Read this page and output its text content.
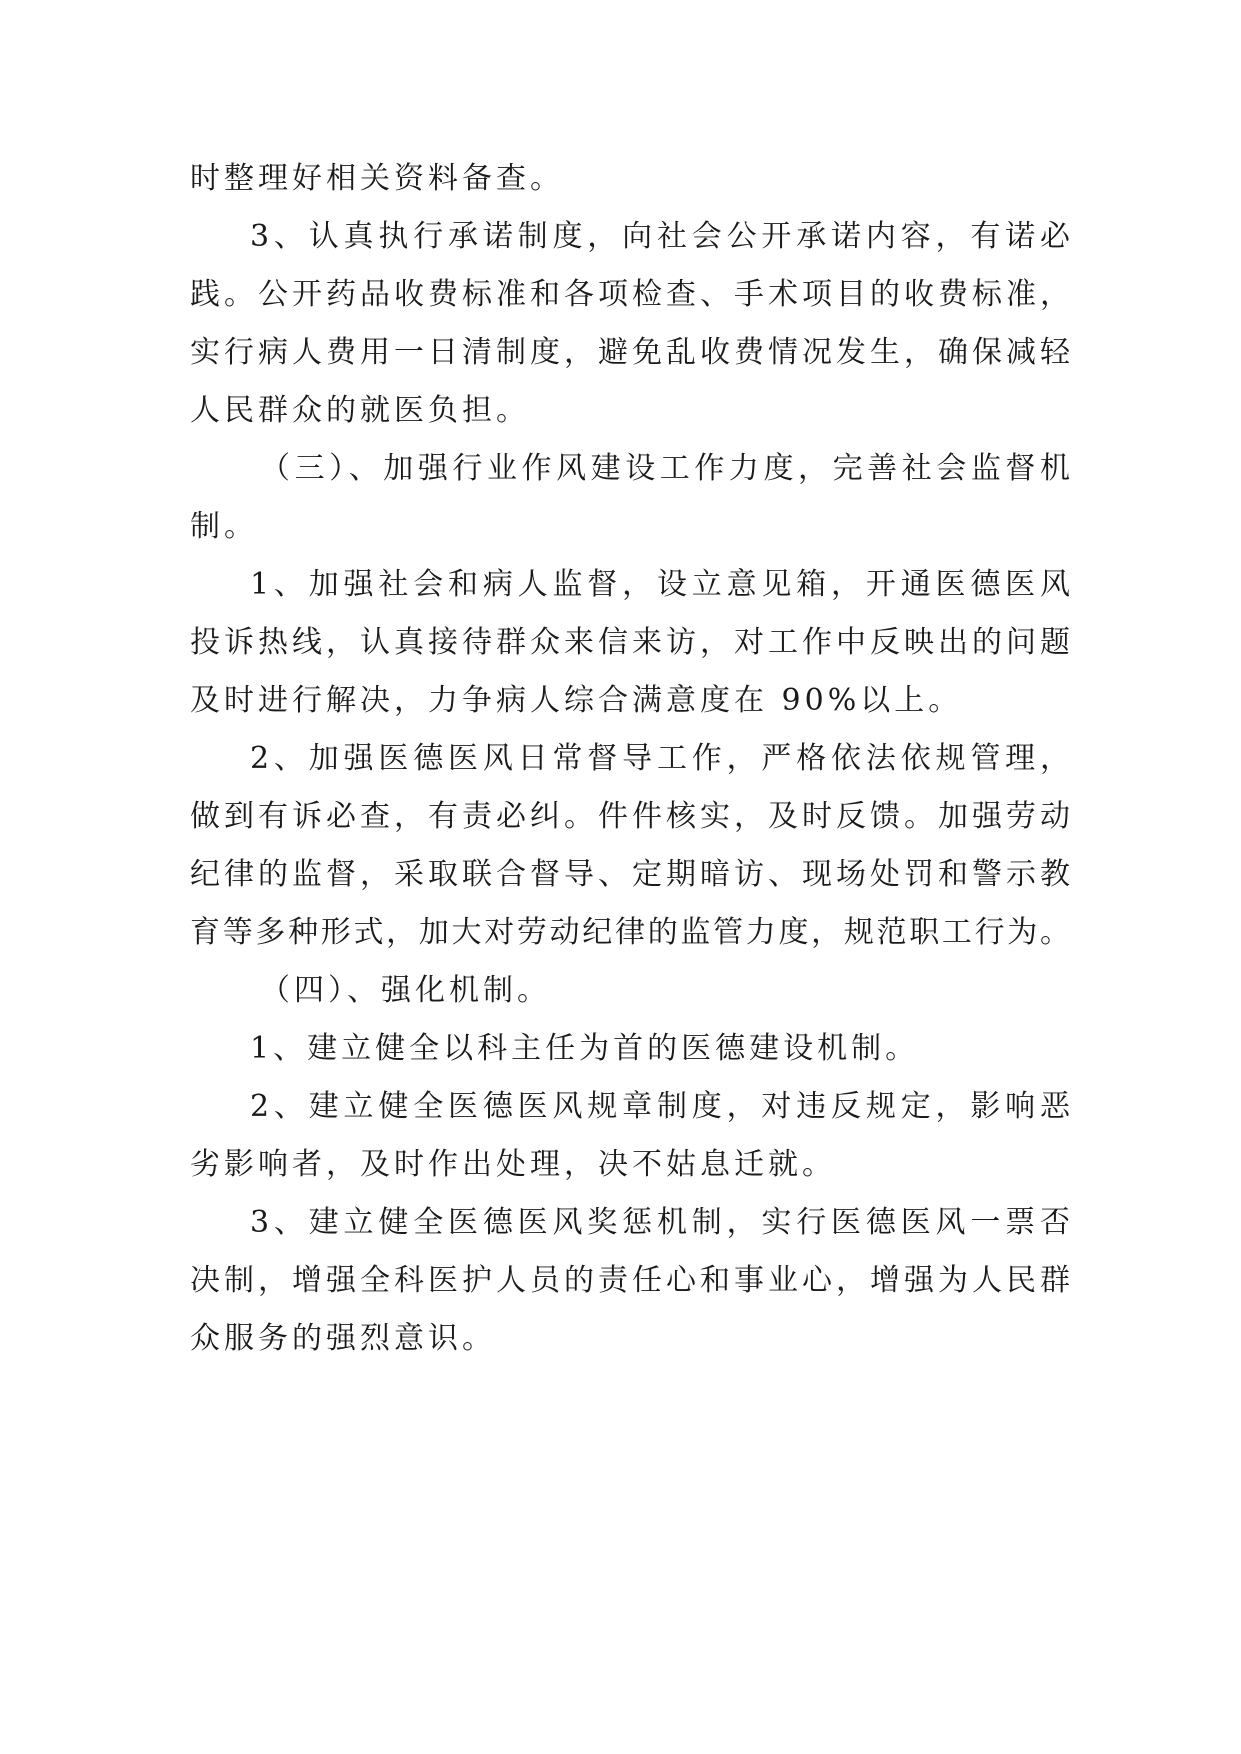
时整理好相关资料备查。
3、认真执行承诺制度，向社会公开承诺内容，有诺必
践。公开药品收费标准和各项检查、手术项目的收费标准，
实行病人费用一日清制度，避免乱收费情况发生，确保减轻
人民群众的就医负担。
（三）、加强行业作风建设工作力度，完善社会监督机
制。
1、加强社会和病人监督，设立意见箱，开通医德医风
投诉热线，认真接待群众来信来访，对工作中反映出的问题
及时进行解决，力争病人综合满意度在 90%以上。
2、加强医德医风日常督导工作，严格依法依规管理，
做到有诉必查，有责必纠。件件核实，及时反馈。加强劳动
纪律的监督，采取联合督导、定期暗访、现场处罚和警示教
育等多种形式，加大对劳动纪律的监管力度，规范职工行为。
（四）、强化机制。
1、建立健全以科主任为首的医德建设机制。
2、建立健全医德医风规章制度，对违反规定，影响恶
劣影响者，及时作出处理，决不姑息迁就。
3、建立健全医德医风奖惩机制，实行医德医风一票否
决制，增强全科医护人员的责任心和事业心，增强为人民群
众服务的强烈意识。
